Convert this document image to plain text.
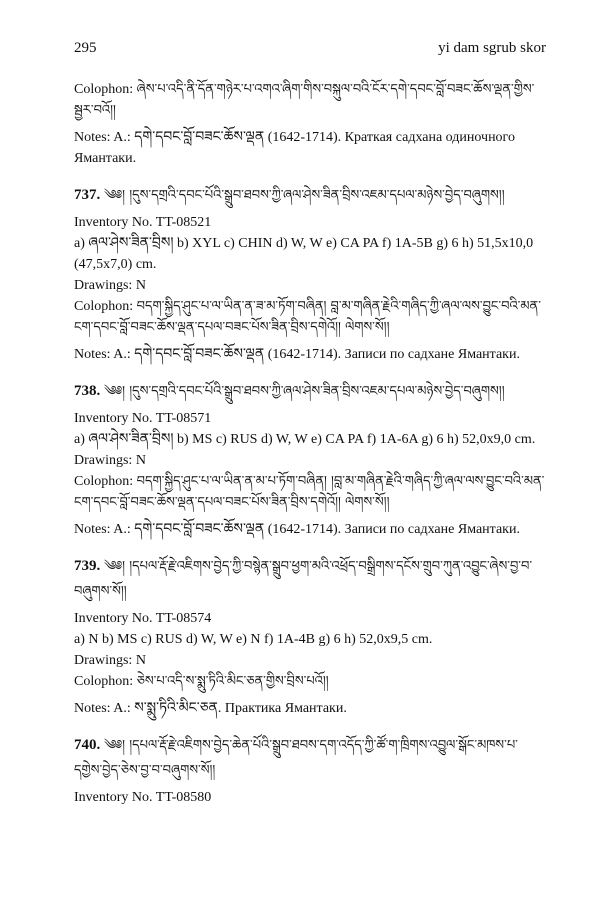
295	yi dam sgrub skor
Colophon: ཞེས་པ་འདི་ནི་དོན་གཉེར་པ་འགའ་ཞིག་གིས་བསྐུལ་བའི་ངོར་དགེ་དབང་བློ་བཟང་ཆོས་ལྡན་གྱིས་སྦྱར་བའོ།།
Notes: A.: དགེ་དབང་བློ་བཟང་ཆོས་ལྡན (1642-1714). Краткая садхана одиночного Ямантаки.
737. ༄༅། །དུས་དགྲའི་དབང་པོའི་སྒྲུབ་ཐབས་ཀྱི་ཞལ་ཤེས་ཟིན་བྲིས་འཇམ་དཔལ་མཉེས་བྱེད་བཞུགས།།
Inventory No. TT-08521
a) ཞལ་ཤེས་ཟིན་བྲིས། b) XYL c) CHIN d) W, W e) CA PA f) 1A-5B g) 6 h) 51,5x10,0 (47,5x7,0) cm.
Drawings: N
Colophon: བདག་སྐྱིད་ཤུང་པ་ལ་ཡིན་ན་ཟ་མ་ཏོག་བཞིན། བླ་མ་གཞིན་རྗེའི་གཞིད་ཀྱི་ཞལ་ལས་བྱུང་བའི་མན་ངག་དབང་བློ་བཟང་ཆོས་ལྡན་དཔལ་བཟང་པོས་ཟིན་བྲིས་དགེའོ།། ལེགས་སོ།།
Notes: A.: དགེ་དབང་བློ་བཟང་ཆོས་ལྡན (1642-1714). Записи по садхане Ямантаки.
738. ༄༅། །དུས་དགྲའི་དབང་པོའི་སྒྲུབ་ཐབས་ཀྱི་ཞལ་ཤེས་ཟིན་བྲིས་འཇམ་དཔལ་མཉེས་བྱེད་བཞུགས།།
Inventory No. TT-08571
a) ཞལ་ཤེས་ཟིན་བྲིས། b) MS c) RUS d) W, W e) CA PA f) 1A-6A g) 6 h) 52,0x9,0 cm.
Drawings: N
Colophon: བདག་སྐྱིད་ཤུང་པ་ལ་ཡིན་ན་མ་པ་ཏོག་བཞིན། །བླ་མ་གཞིན་རྗེའི་གཞིད་ཀྱི་ཞལ་ལས་བྱུང་བའི་མན་ངག་དབང་བློ་བཟང་ཆོས་ལྡན་དཔལ་བཟང་པོས་ཟིན་བྲིས་དགེའོ།། ལེགས་སོ།།
Notes: A.: དགེ་དབང་བློ་བཟང་ཆོས་ལྡན (1642-1714). Записи по садхане Ямантаки.
739. ༄༅། །དཔལ་རྡོ་རྗེ་འཇིགས་བྱེད་ཀྱི་བསྙེན་སྒྲུབ་ཕྱག་མའི་འཕྲོད་བསྒྲིགས་དངོས་གྲུབ་ཀུན་འབྱུང་ཞེས་བྱ་བ་བཞུགས་སོ།།
Inventory No. TT-08574
a) N b) MS c) RUS d) W, W e) N f) 1A-4B g) 6 h) 52,0x9,5 cm.
Drawings: N
Colophon: ཅེས་པ་འདི་ས་སྨུ་ཏིའི་མིང་ཅན་གྱིས་བྲིས་པའོ།།
Notes: A.: ས་སྨུ་ཏིའི་མིང་ཅན. Практика Ямантаки.
740. ༄༅། །དཔལ་རྡོ་རྗེ་འཇིགས་བྱེད་ཆེན་པོའི་སྒྲུབ་ཐབས་དག་འདོད་ཀྱི་ཚོ་ག་ཁྲིགས་འབྱུལ་སྒོང་མཁས་པ་དགྱེས་བྱེད་ཅེས་བྱ་བ་བཞུགས་སོ།།
Inventory No. TT-08580
